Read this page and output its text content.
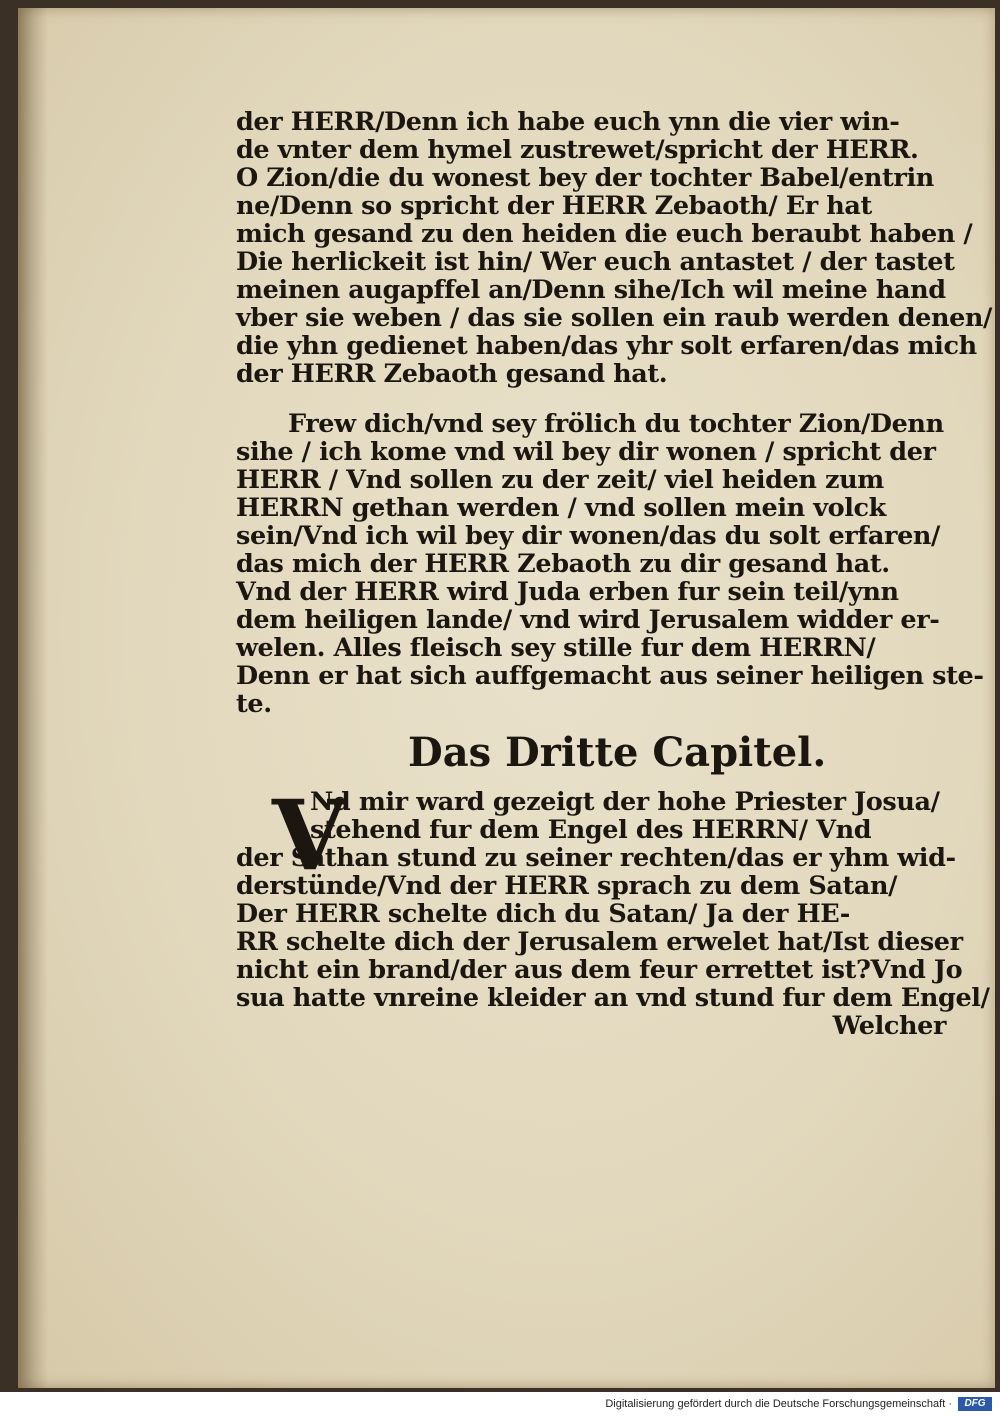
der HERR/Denn ich habe euch ynn die vier win-
de vnter dem hymel zustrewet/spricht der HERR.
O Zion/die du wonest bey der tochter Babel/entrin
ne/Denn so spricht der HERR Zebaoth/ Er hat
mich gesand zu den heiden die euch beraubt haben /
Die herlickeit ist hin/ Wer euch antastet / der tastet
meinen augapffel an/Denn sihe/Ich wil meine hand
vber sie weben / das sie sollen ein raub werden denen/
die yhn gedienet haben/das yhr solt erfaren/das mich
der HERR Zebaoth gesand hat.
Frew dich/vnd sey frölich du tochter Zion/Denn
sihe / ich kome vnd wil bey dir wonen / spricht der
HERR / Vnd sollen zu der zeit/ viel heiden zum
HERRN gethan werden / vnd sollen mein volck
sein/Vnd ich wil bey dir wonen/das du solt erfaren/
das mich der HERR Zebaoth zu dir gesand hat.
Vnd der HERR wird Juda erben fur sein teil/ynn
dem heiligen lande/ vnd wird Jerusalem widder er-
welen. Alles fleisch sey stille fur dem HERRN/
Denn er hat sich auffgemacht aus seiner heiligen ste-
te.
Das Dritte Capitel.
V
Nd mir ward gezeigt der hohe Priester Josua/
stehend fur dem Engel des HERRN/ Vnd
der Sathan stund zu seiner rechten/das er yhm wid-
derstünde/Vnd der HERR sprach zu dem Satan/
Der HERR schelte dich du Satan/ Ja der HE-
RR schelte dich der Jerusalem erwelet hat/Ist dieser
nicht ein brand/der aus dem feur errettet ist?Vnd Jo
sua hatte vnreine kleider an vnd stund fur dem Engel/
Welcher
Digitalisierung gefördert durch die Deutsche Forschungsgemeinschaft ·	DFG
